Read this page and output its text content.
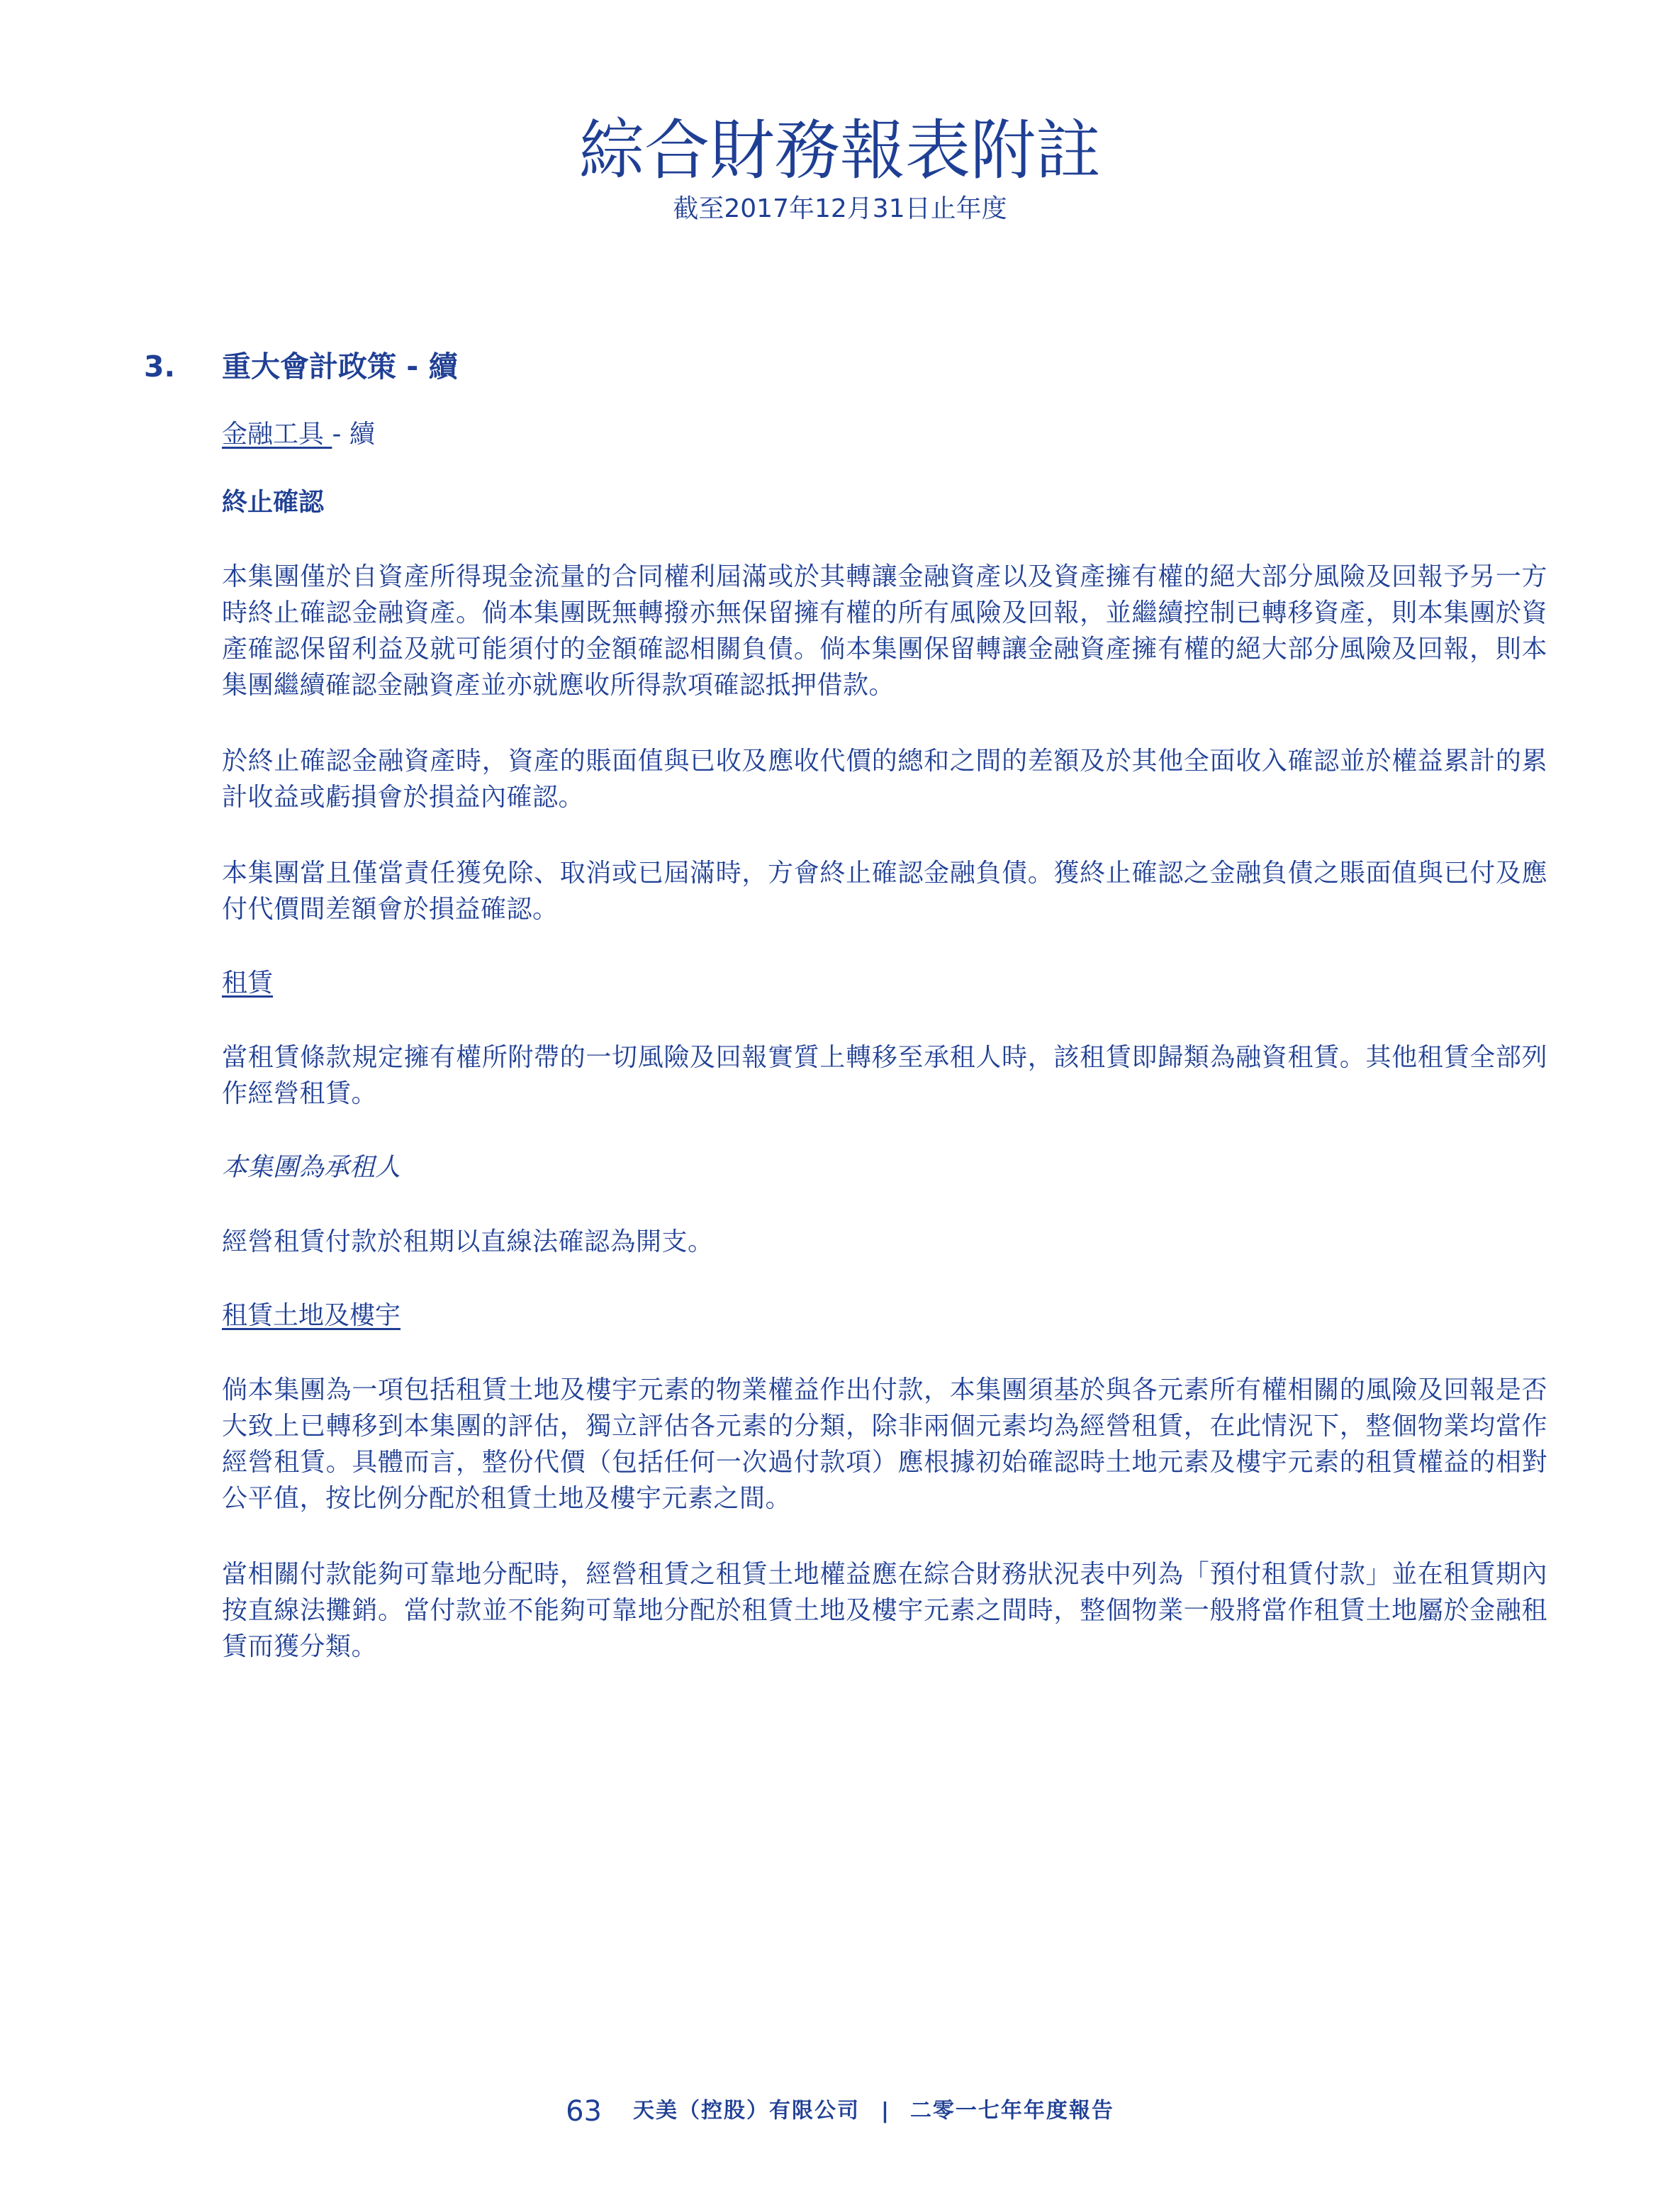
綜合財務報表附註
截至2017年12月31日止年度
3. 重大會計政策 - 續

金融工具 - 續

終止確認

本集團僅於自資產所得現金流量的合同權利屆滿或於其轉讓金融資產以及資產擁有權的絕大部分風險及回報予另一方時終止確認金融資產。倘本集團既無轉撥亦無保留擁有權的所有風險及回報，並繼續控制已轉移資產，則本集團於資產確認保留利益及就可能須付的金額確認相關負債。倘本集團保留轉讓金融資產擁有權的絕大部分風險及回報，則本集團繼續確認金融資產並亦就應收所得款項確認抵押借款。

於終止確認金融資產時，資產的賬面值與已收及應收代價的總和之間的差額及於其他全面收入確認並於權益累計的累計收益或虧損會於損益內確認。

本集團當且僅當責任獲免除、取消或已屆滿時，方會終止確認金融負債。獲終止確認之金融負債之賬面值與已付及應付代價間差額會於損益確認。

租賃

當租賃條款規定擁有權所附帶的一切風險及回報實質上轉移至承租人時，該租賃即歸類為融資租賃。其他租賃全部列作經營租賃。

本集團為承租人

經營租賃付款於租期以直線法確認為開支。

租賃土地及樓宇

倘本集團為一項包括租賃土地及樓宇元素的物業權益作出付款，本集團須基於與各元素所有權相關的風險及回報是否大致上已轉移到本集團的評估，獨立評估各元素的分類，除非兩個元素均為經營租賃，在此情況下，整個物業均當作經營租賃。具體而言，整份代價（包括任何一次過付款項）應根據初始確認時土地元素及樓宇元素的租賃權益的相對公平值，按比例分配於租賃土地及樓宇元素之間。

當相關付款能夠可靠地分配時，經營租賃之租賃土地權益應在綜合財務狀況表中列為「預付租賃付款」並在租賃期內按直線法攤銷。當付款並不能夠可靠地分配於租賃土地及樓宇元素之間時，整個物業一般將當作租賃土地屬於金融租賃而獲分類。

63 天美（控股）有限公司 | 二零一七年年度報告
